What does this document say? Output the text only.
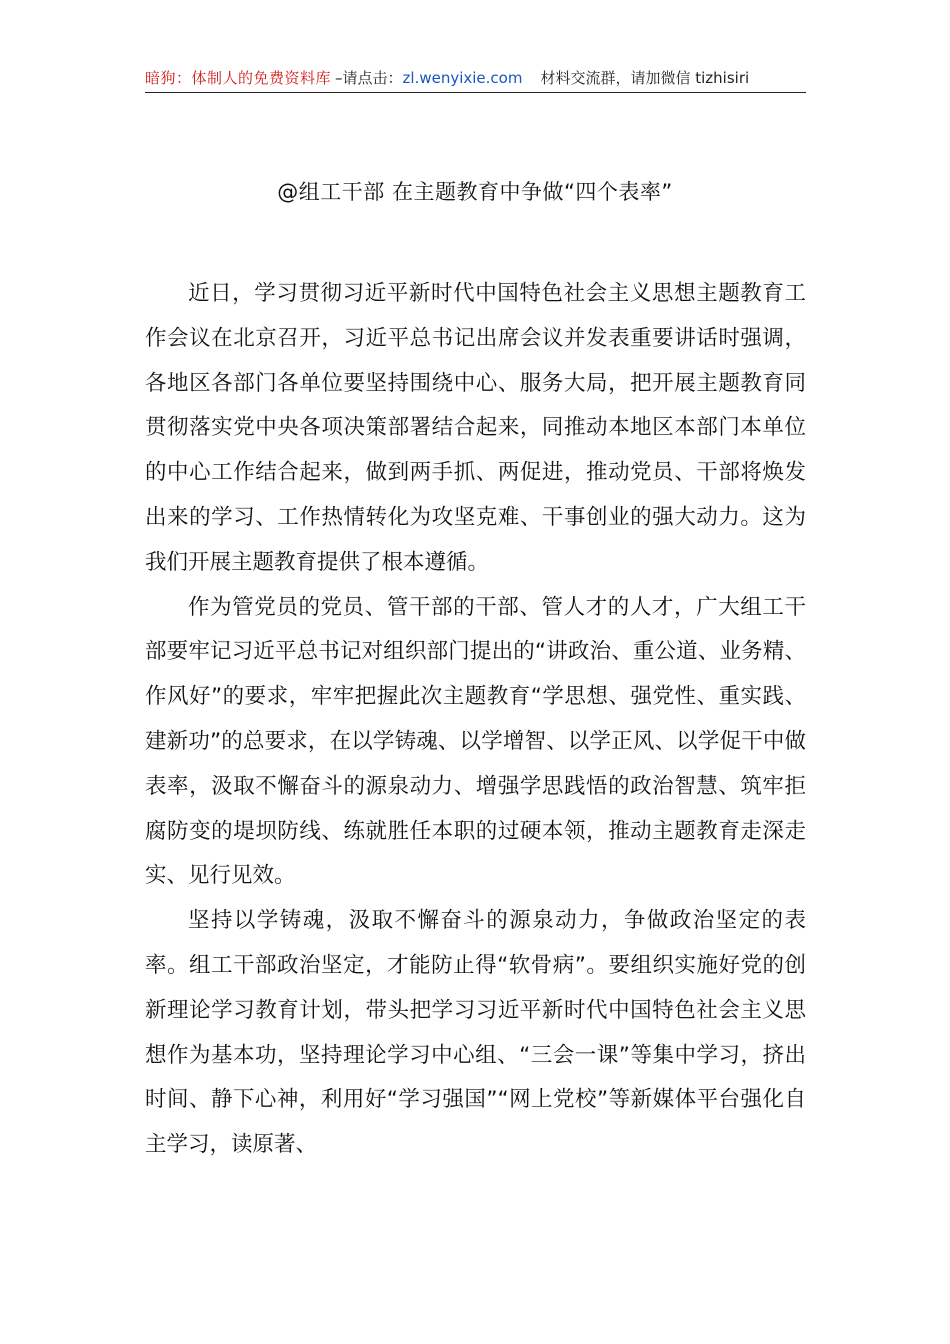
暗狗：体制人的免费资料库 –请点击：zl.wenyixie.com 材料交流群，请加微信 tizhisiri
@组工干部 在主题教育中争做“四个表率”

近日，学习贯彻习近平新时代中国特色社会主义思想主题教育工作会议在北京召开，习近平总书记出席会议并发表重要讲话时强调，各地区各部门各单位要坚持围绕中心、服务大局，把开展主题教育同贯彻落实党中央各项决策部署结合起来，同推动本地区本部门本单位的中心工作结合起来，做到两手抓、两促进，推动党员、干部将焕发出来的学习、工作热情转化为攻坚克难、干事创业的强大动力。这为我们开展主题教育提供了根本遵循。

作为管党员的党员、管干部的干部、管人才的人才，广大组工干部要牢记习近平总书记对组织部门提出的“讲政治、重公道、业务精、作风好”的要求，牢牢把握此次主题教育“学思想、强党性、重实践、建新功”的总要求，在以学铸魂、以学增智、以学正风、以学促干中做表率，汲取不懈奋斗的源泉动力、增强学思践悟的政治智慧、筑牢拒腐防变的堤坝防线、练就胜任本职的过硬本领，推动主题教育走深走实、见行见效。

坚持以学铸魂，汲取不懈奋斗的源泉动力，争做政治坚定的表率。组工干部政治坚定，才能防止得“软骨病”。要组织实施好党的创新理论学习教育计划，带头把学习习近平新时代中国特色社会主义思想作为基本功，坚持理论学习中心组、“三会一课”等集中学习，挤出时间、静下心神，利用好“学习强国”“网上党校”等新媒体平台强化自主学习，读原著、
